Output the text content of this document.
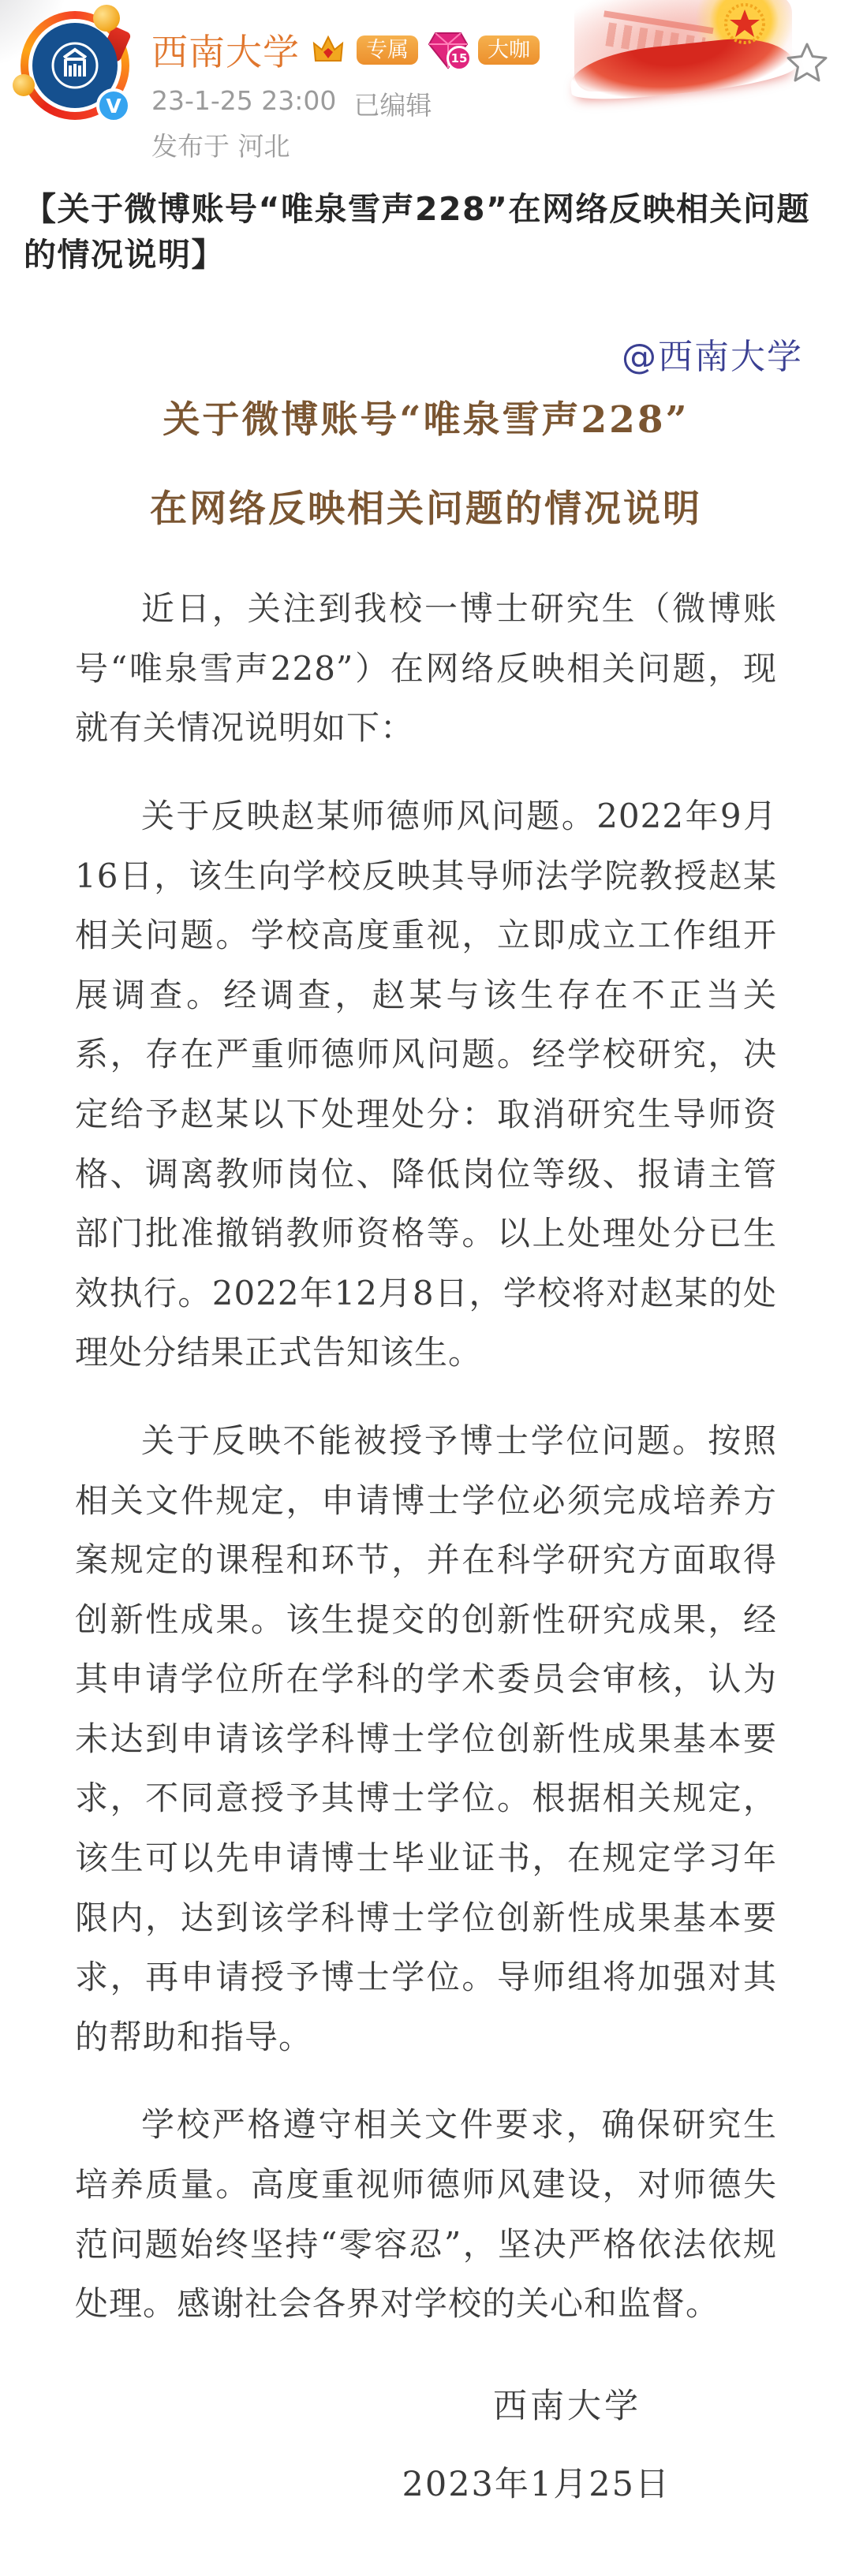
V
西南大学	专属	15 大咖
23-1-25 23:00 已编辑
发布于 河北
【关于微博账号“唯泉雪声228”在网络反映相关问题的情况说明】
@西南大学
关于微博账号“唯泉雪声228”
在网络反映相关问题的情况说明

近日，关注到我校一博士研究生（微博账号“唯泉雪声228”）在网络反映相关问题，现就有关情况说明如下：

关于反映赵某师德师风问题。2022年9月16日，该生向学校反映其导师法学院教授赵某相关问题。学校高度重视，立即成立工作组开展调查。经调查，赵某与该生存在不正当关系，存在严重师德师风问题。经学校研究，决定给予赵某以下处理处分：取消研究生导师资格、调离教师岗位、降低岗位等级、报请主管部门批准撤销教师资格等。以上处理处分已生效执行。2022年12月8日，学校将对赵某的处理处分结果正式告知该生。

关于反映不能被授予博士学位问题。按照相关文件规定，申请博士学位必须完成培养方案规定的课程和环节，并在科学研究方面取得创新性成果。该生提交的创新性研究成果，经其申请学位所在学科的学术委员会审核，认为未达到申请该学科博士学位创新性成果基本要求，不同意授予其博士学位。根据相关规定，该生可以先申请博士毕业证书，在规定学习年限内，达到该学科博士学位创新性成果基本要求，再申请授予博士学位。导师组将加强对其的帮助和指导。

学校严格遵守相关文件要求，确保研究生培养质量。高度重视师德师风建设，对师德失范问题始终坚持“零容忍”，坚决严格依法依规处理。感谢社会各界对学校的关心和监督。

西南大学
2023年1月25日
